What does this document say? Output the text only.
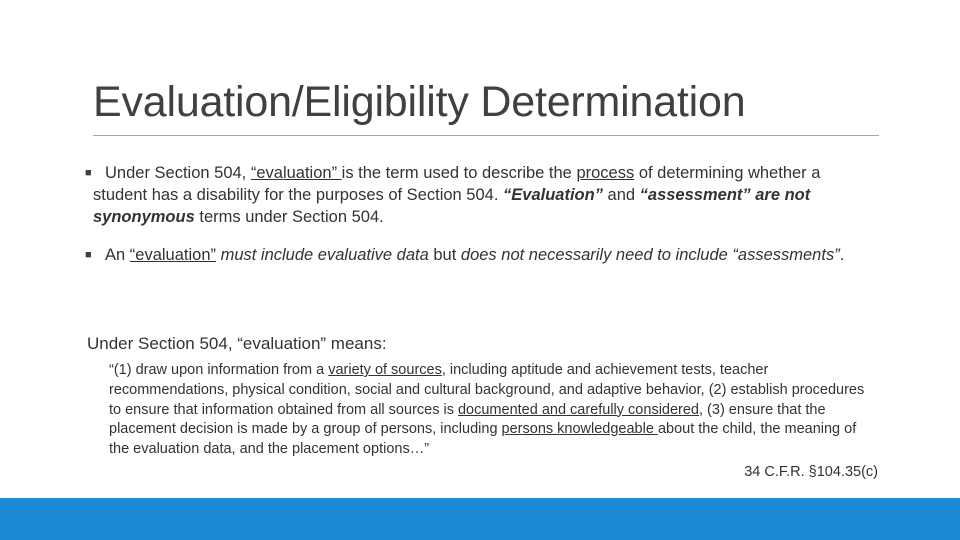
Evaluation/Eligibility Determination
■ Under Section 504, “evaluation” is the term used to describe the process of determining whether a student has a disability for the purposes of Section 504. “Evaluation” and “assessment” are not synonymous terms under Section 504.
■ An “evaluation” must include evaluative data but does not necessarily need to include “assessments”.
Under Section 504, “evaluation” means:
“(1) draw upon information from a variety of sources, including aptitude and achievement tests, teacher recommendations, physical condition, social and cultural background, and adaptive behavior, (2) establish procedures to ensure that information obtained from all sources is documented and carefully considered, (3) ensure that the placement decision is made by a group of persons, including persons knowledgeable about the child, the meaning of the evaluation data, and the placement options…”
34 C.F.R. §104.35(c)
